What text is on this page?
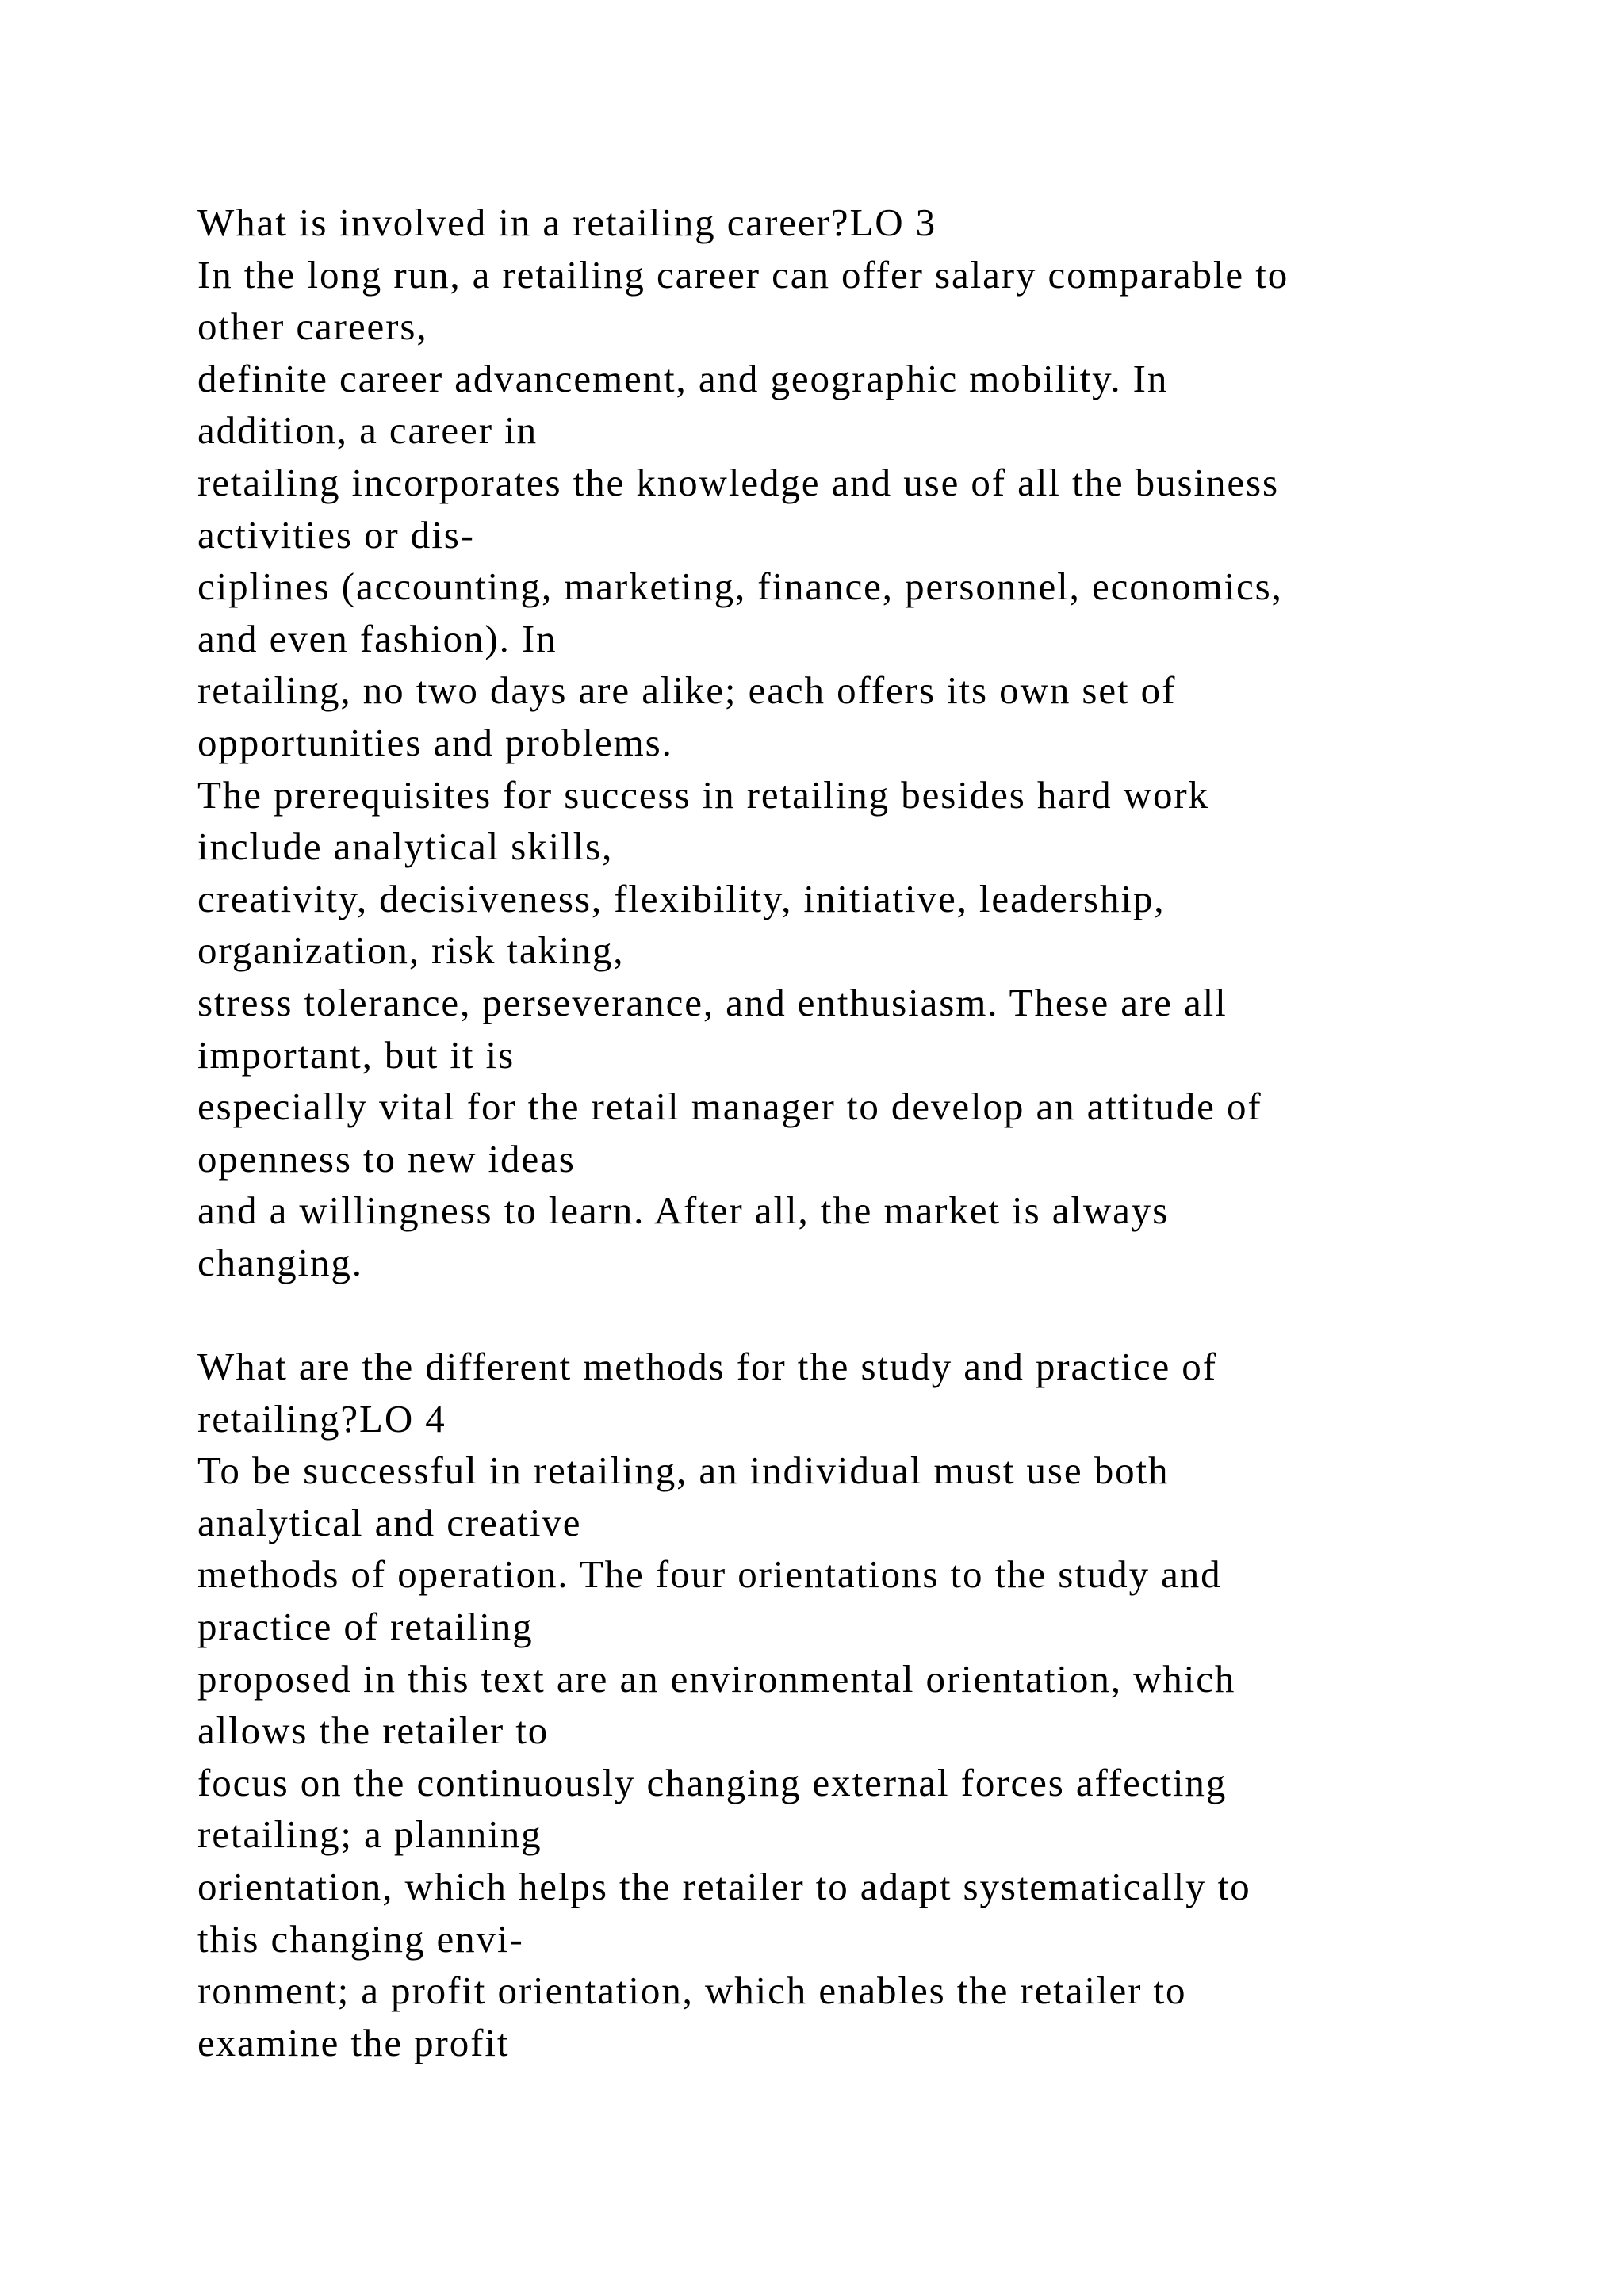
What is involved in a retailing career?LO 3
In the long run, a retailing career can offer salary comparable to
other careers,
definite career advancement, and geographic mobility. In
addition, a career in
retailing incorporates the knowledge and use of all the business
activities or dis-
ciplines (accounting, marketing, finance, personnel, economics,
and even fashion). In
retailing, no two days are alike; each offers its own set of
opportunities and problems.
The prerequisites for success in retailing besides hard work
include analytical skills,
creativity, decisiveness, flexibility, initiative, leadership,
organization, risk taking,
stress tolerance, perseverance, and enthusiasm. These are all
important, but it is
especially vital for the retail manager to develop an attitude of
openness to new ideas
and a willingness to learn. After all, the market is always
changing.
What are the different methods for the study and practice of
retailing?LO 4
To be successful in retailing, an individual must use both
analytical and creative
methods of operation. The four orientations to the study and
practice of retailing
proposed in this text are an environmental orientation, which
allows the retailer to
focus on the continuously changing external forces affecting
retailing; a planning
orientation, which helps the retailer to adapt systematically to
this changing envi-
ronment; a profit orientation, which enables the retailer to
examine the profit
